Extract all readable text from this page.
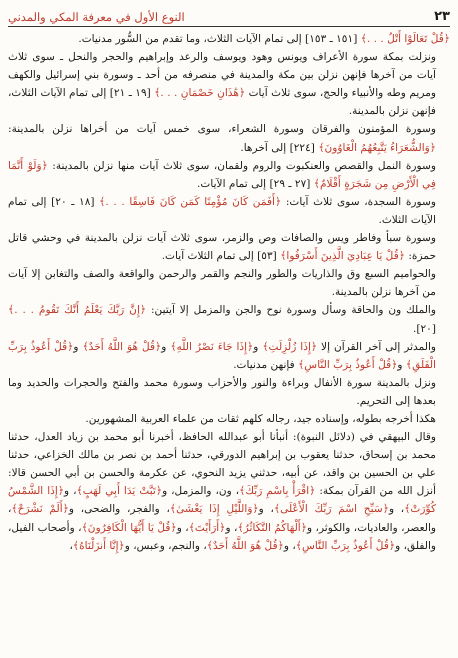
٢٣
النوع الأول في معرفة المكي والمدني

﴿قُلْ تَعَالَوْا أَتْلُ . . .﴾ [١٥١ ـ ١٥٣] إلى تمام الآيات الثلاث، وما تقدم من السُّور مدنيات.

ونزلت بمكة سورة الأعراف ويونس وهود ويوسف والرعد وإبراهيم والحجر والنحل ـ سوى ثلاث آيات من آخرها فإنهن نزلن بين مكة والمدينة في منصرفه من أحد ـ وسورة بني إسرائيل والكهف ومريم وطه والأنبياء والحج، سوى ثلاث آيات ﴿هَٰذَانِ خَصْمَانِ . . .﴾ [١٩ ـ ٢١] إلى تمام الآيات الثلاث، فإنهن نزلن بالمدينة.

وسورة المؤمنون والفرقان وسورة الشعراء، سوى خمس آيات من أخراها نزلن بالمدينة: ﴿وَالشُّعَرَاءُ يَتَّبِعُهُمُ الْغَاوُونَ﴾ [٢٢٤] إلى آخرها.

وسورة النمل والقصص والعنكبوت والروم ولقمان، سوى ثلاث آيات منها نزلن بالمدينة: ﴿وَلَوْ أَنَّمَا فِي الْأَرْضِ مِن شَجَرَةٍ أَقْلَامٌ﴾ [٢٧ ـ ٢٩] إلى تمام الآيات.

وسورة السجدة، سوى ثلاث آيات: ﴿أَفَمَن كَانَ مُؤْمِنًا كَمَن كَانَ فَاسِقًا . . .﴾ [١٨ ـ ٢٠] إلى تمام الآيات الثلاث.

وسورة سبأ وفاطر ويس والصافات وص والزمر، سوى ثلاث آيات نزلن بالمدينة في وحشي قاتل حمزة: ﴿قُلْ يَا عِبَادِيَ الَّذِينَ أَسْرَفُوا﴾ [٥٣] إلى تمام الثلاث آيات.

والحواميم السبع وق والذاريات والطور والنجم والقمر والرحمن والواقعة والصف والتغابن إلا آيات من آخرها نزلن بالمدينة.

والملك ون والحاقة وسأل وسورة نوح والجن والمزمل إلا آيتين: ﴿إِنَّ رَبَّكَ يَعْلَمُ أَنَّكَ تَقُومُ . . .﴾ [٢٠].

والمدثر إلى آخر القرآن إلا ﴿إِذَا زُلْزِلَتِ﴾ و﴿إِذَا جَاءَ نَصْرُ اللَّهِ﴾ و﴿قُلْ هُوَ اللَّهُ أَحَدٌ﴾ و﴿قُلْ أَعُوذُ بِرَبِّ الْفَلَقِ﴾ و﴿قُلْ أَعُوذُ بِرَبِّ النَّاسِ﴾ فإنهن مدنيات.

ونزل بالمدينة سورة الأنفال وبراءة والنور والأحزاب وسورة محمد والفتح والحجرات والحديد وما بعدها إلى التحريم.

هكذا أخرجه بطوله، وإسناده جيد، رجاله كلهم ثقات من علماء العربية المشهورين.

وقال البيهقي في (دلائل النبوة): أنبأنا أبو عبدالله الحافظ، أخبرنا أبو محمد بن زياد العدل، حدثنا محمد بن إسحاق، حدثنا يعقوب بن إبراهيم الدورقي، حدثنا أحمد بن نصر بن مالك الخزاعي، حدثنا علي بن الحسين بن واقد، عن أبيه، حدثني يزيد النحوي، عن عكرمة والحسن بن أبي الحسن قالا: أنزل الله من القرآن بمكة: ﴿اقْرَأْ بِاسْمِ رَبِّكَ﴾، ون، والمزمل، و﴿تَبَّتْ يَدَا أَبِي لَهَبٍ﴾، و﴿إِذَا الشَّمْسُ كُوِّرَتْ﴾، و﴿سَبِّحِ اسْمَ رَبِّكَ الْأَعْلَى﴾، و﴿وَاللَّيْلِ إِذَا يَغْشَىٰ﴾، والفجر، والضحى، و﴿أَلَمْ نَشْرَحْ﴾، والعصر، والعاديات، والكوثر، و﴿أَلْهَاكُمُ التَّكَاثُرُ﴾، و﴿أَرَأَيْتَ﴾، و﴿قُلْ يَا أَيُّهَا الْكَافِرُونَ﴾، وأصحاب الفيل، والفلق، و﴿قُلْ أَعُوذُ بِرَبِّ النَّاسِ﴾، و﴿قُلْ هُوَ اللَّهُ أَحَدٌ﴾، والنجم، وعبس، و﴿إِنَّا أَنزَلْنَاهُ﴾،
